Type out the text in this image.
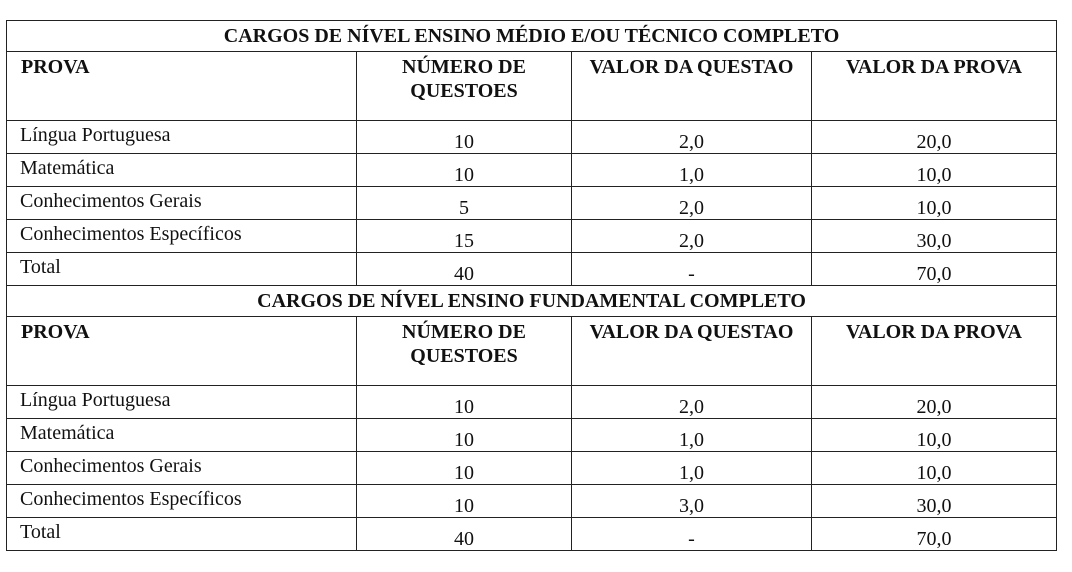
CARGOS DE NÍVEL ENSINO MÉDIO E/OU TÉCNICO COMPLETO			
PROVA	NÚMERO DE QUESTOES	VALOR DA QUESTAO	VALOR DA PROVA

Língua Portuguesa	10	2,0	20,0
Matemática	10	1,0	10,0
Conhecimentos Gerais	5	2,0	10,0
Conhecimentos Específicos	15	2,0	30,0
Total	40	-	70,0
CARGOS DE NÍVEL ENSINO FUNDAMENTAL COMPLETO			
PROVA	NÚMERO DE QUESTOES	VALOR DA QUESTAO	VALOR DA PROVA

Língua Portuguesa	10	2,0	20,0
Matemática	10	1,0	10,0
Conhecimentos Gerais	10	1,0	10,0
Conhecimentos Específicos	10	3,0	30,0
Total	40	-	70,0
